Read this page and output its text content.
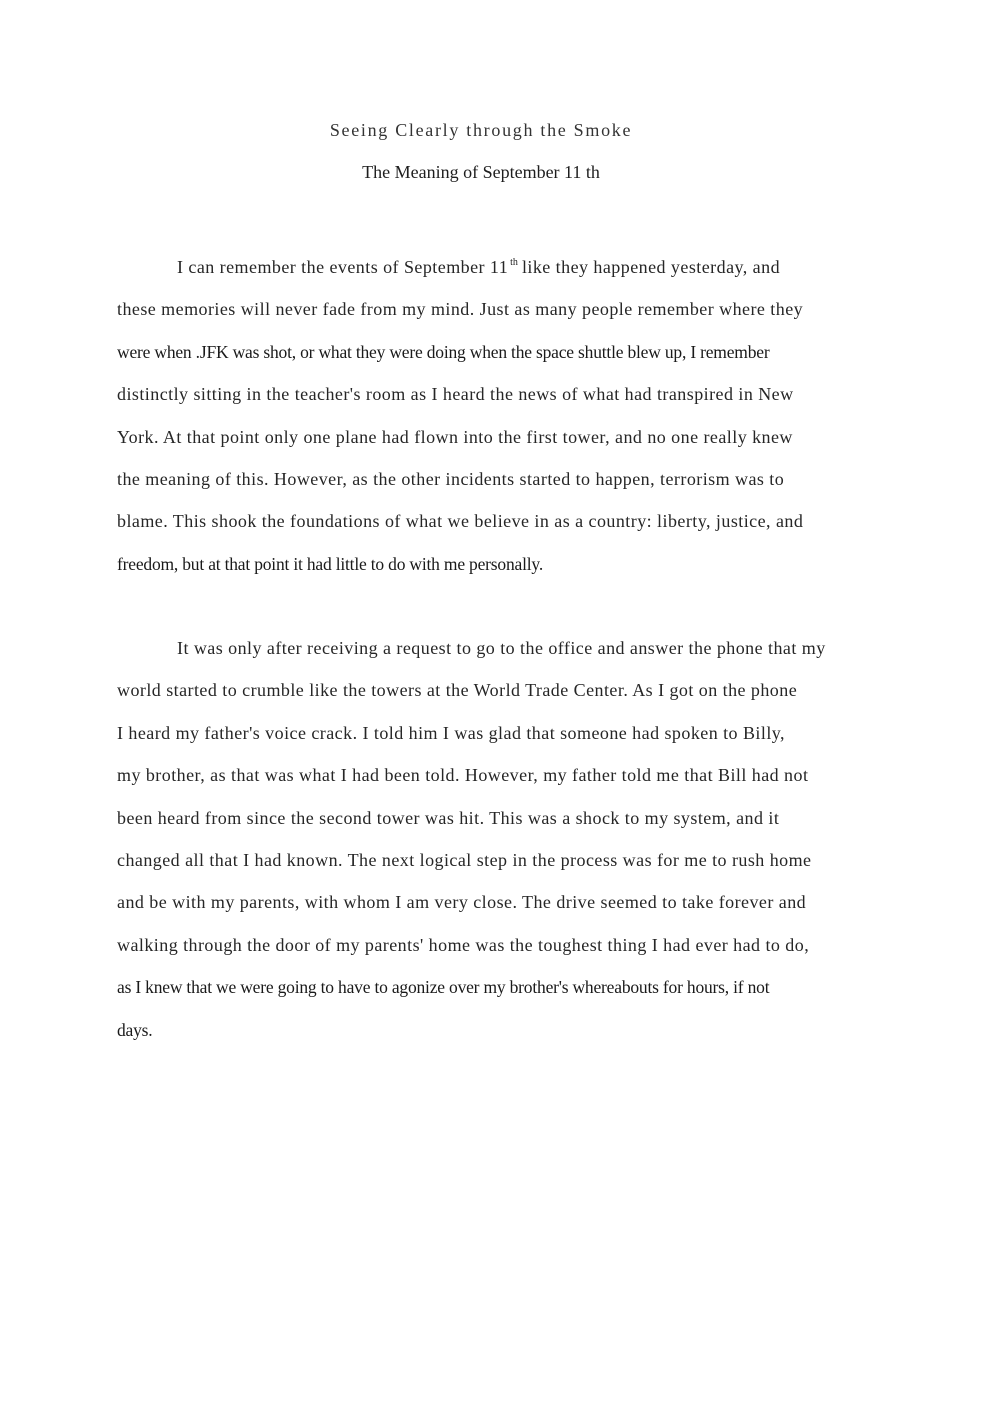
Seeing Clearly through the Smoke
The Meaning of September 11 th
I can remember the events of September 11 $^{th}$ like they happened yesterday, and
these memories will never fade from my mind. Just as many people remember where they
were when .JFK was shot, or what they were doing when the space shuttle blew up, I remember
distinctly sitting in the teacher's room as I heard the news of what had transpired in New
York. At that point only one plane had flown into the first tower, and no one really knew
the meaning of this. However, as the other incidents started to happen, terrorism was to
blame. This shook the foundations of what we believe in as a country: liberty, justice, and
freedom, but at that point it had little to do with me personally.
It was only after receiving a request to go to the office and answer the phone that my
world started to crumble like the towers at the World Trade Center. As I got on the phone
I heard my father's voice crack. I told him I was glad that someone had spoken to Billy,
my brother, as that was what I had been told. However, my father told me that Bill had not
been heard from since the second tower was hit. This was a shock to my system, and it
changed all that I had known. The next logical step in the process was for me to rush home
and be with my parents, with whom I am very close. The drive seemed to take forever and
walking through the door of my parents' home was the toughest thing I had ever had to do,
as I knew that we were going to have to agonize over my brother's whereabouts for hours, if not
days.
